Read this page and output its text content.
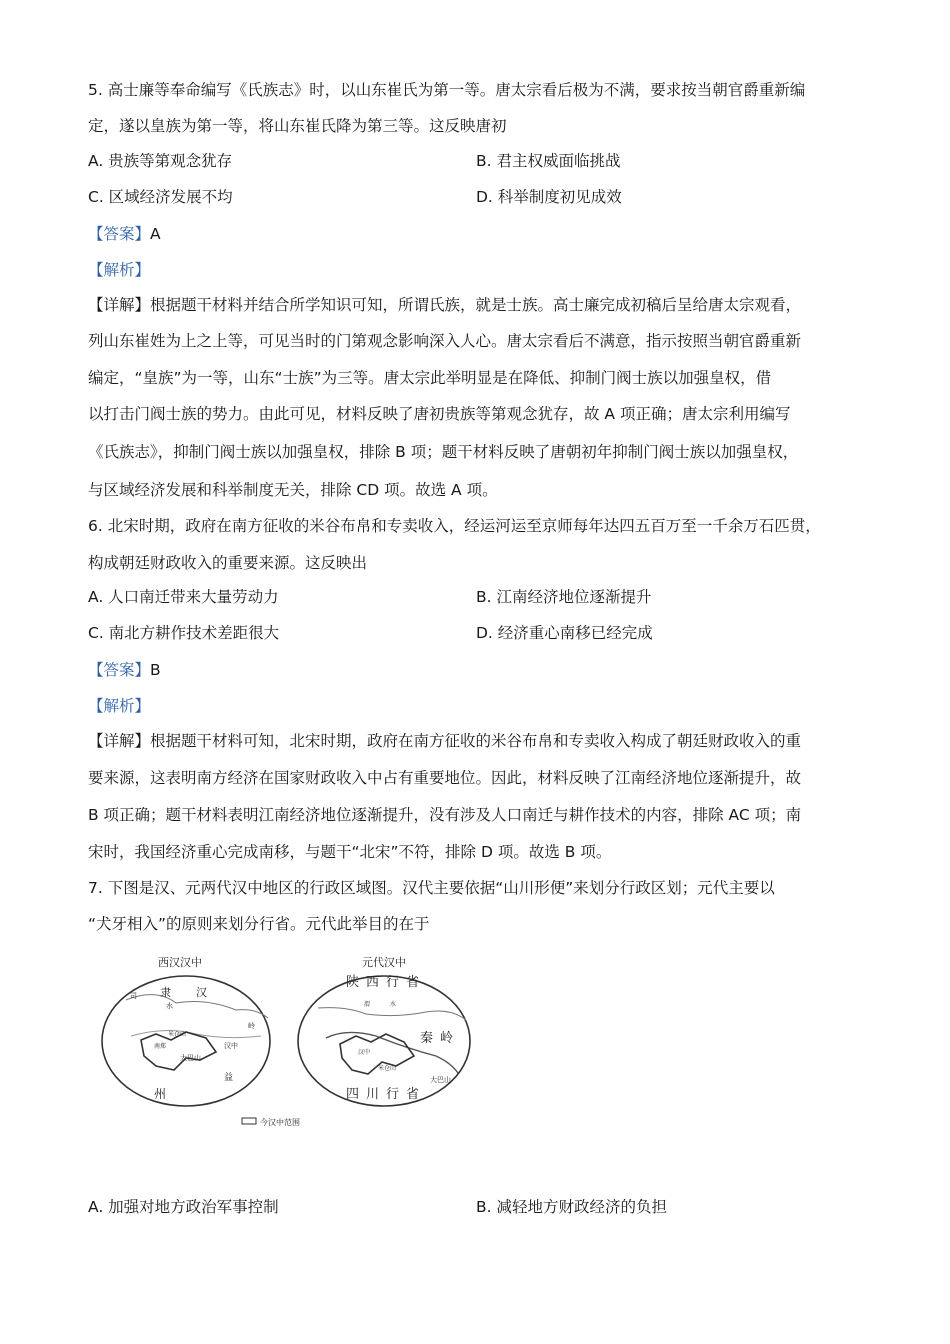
5. 高士廉等奉命编写《氏族志》时，以山东崔氏为第一等。唐太宗看后极为不满，要求按当朝官爵重新编
定，遂以皇族为第一等，将山东崔氏降为第三等。这反映唐初
A. 贵族等第观念犹存	B. 君主权威面临挑战
C. 区域经济发展不均	D. 科举制度初见成效
【答案】A
【解析】
【详解】根据题干材料并结合所学知识可知，所谓氏族，就是士族。高士廉完成初稿后呈给唐太宗观看，
列山东崔姓为上之上等，可见当时的门第观念影响深入人心。唐太宗看后不满意，指示按照当朝官爵重新
编定，“皇族”为一等，山东“士族”为三等。唐太宗此举明显是在降低、抑制门阀士族以加强皇权，借
以打击门阀士族的势力。由此可见，材料反映了唐初贵族等第观念犹存，故 A 项正确；唐太宗利用编写
《氏族志》，抑制门阀士族以加强皇权，排除 B 项；题干材料反映了唐朝初年抑制门阀士族以加强皇权，
与区域经济发展和科举制度无关，排除 CD 项。故选 A 项。
6. 北宋时期，政府在南方征收的米谷布帛和专卖收入，经运河运至京师每年达四五百万至一千余万石匹贯，
构成朝廷财政收入的重要来源。这反映出
A. 人口南迁带来大量劳动力	B. 江南经济地位逐渐提升
C. 南北方耕作技术差距很大	D. 经济重心南移已经完成
【答案】B
【解析】
【详解】根据题干材料可知，北宋时期，政府在南方征收的米谷布帛和专卖收入构成了朝廷财政收入的重
要来源，这表明南方经济在国家财政收入中占有重要地位。因此，材料反映了江南经济地位逐渐提升，故
B 项正确；题干材料表明江南经济地位逐渐提升，没有涉及人口南迁与耕作技术的内容，排除 AC 项；南
宋时，我国经济重心完成南移，与题干“北宋”不符，排除 D 项。故选 B 项。
7. 下图是汉、元两代汉中地区的行政区域图。汉代主要依据“山川形便”来划分行政区划；元代主要以
“犬牙相入”的原则来划分行省。元代此举目的在于
西汉汉中
司 隶 汉
水
岭
汉中
南郑
米仓山
大巴山
益
州
元代汉中
陕 西 行 省
渭	水
秦 岭
汉中
米仓山
大巴山
四 川 行 省
今汉中范围
A. 加强对地方政治军事控制	B. 减轻地方财政经济的负担
